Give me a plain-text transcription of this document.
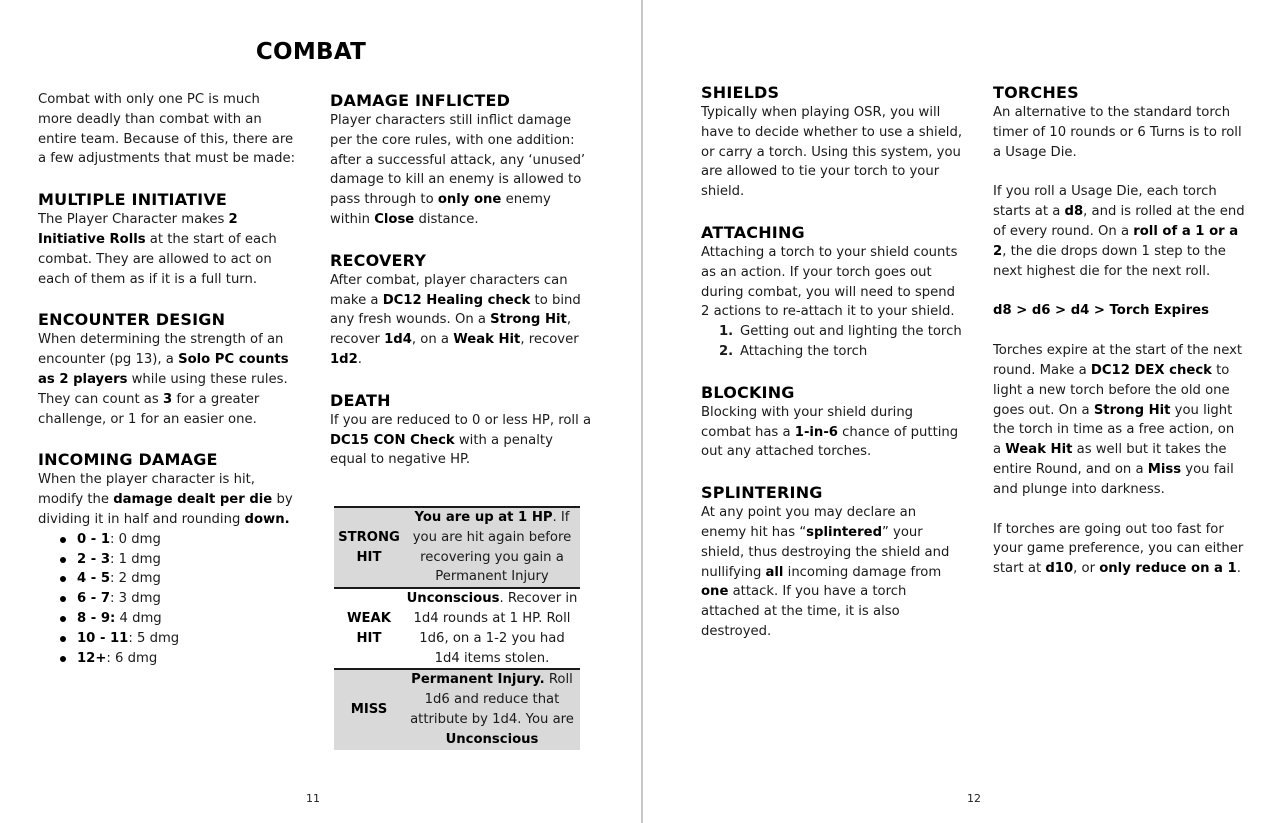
COMBAT

Combat with only one PC is much more deadly than combat with an entire team. Because of this, there are a few adjustments that must be made:

MULTIPLE INITIATIVE

The Player Character makes 2 Initiative Rolls at the start of each combat. They are allowed to act on each of them as if it is a full turn.

ENCOUNTER DESIGN

When determining the strength of an encounter (pg 13), a Solo PC counts as 2 players while using these rules. They can count as 3 for a greater challenge, or 1 for an easier one.

INCOMING DAMAGE

When the player character is hit, modify the damage dealt per die by dividing it in half and rounding down.

0 - 1: 0 dmg
2 - 3: 1 dmg
4 - 5: 2 dmg
6 - 7: 3 dmg
8 - 9: 4 dmg
10 - 11: 5 dmg
12+: 6 dmg
DAMAGE INFLICTED

Player characters still inflict damage per the core rules, with one addition: after a successful attack, any ‘unused’ damage to kill an enemy is allowed to pass through to only one enemy within Close distance.

RECOVERY

After combat, player characters can make a DC12 Healing check to bind any fresh wounds. On a Strong Hit, recover 1d4, on a Weak Hit, recover 1d2.

DEATH

If you are reduced to 0 or less HP, roll a DC15 CON Check with a penalty equal to negative HP.

STRONG HIT	You are up at 1 HP. If you are hit again before recovering you gain a Permanent Injury
WEAK HIT	Unconscious. Recover in 1d4 rounds at 1 HP. Roll 1d6, on a 1-2 you had 1d4 items stolen.
MISS	Permanent Injury. Roll 1d6 and reduce that attribute by 1d4. You are Unconscious
11
SHIELDS

Typically when playing OSR, you will have to decide whether to use a shield, or carry a torch. Using this system, you are allowed to tie your torch to your shield.

ATTACHING

Attaching a torch to your shield counts as an action. If your torch goes out during combat, you will need to spend 2 actions to re-attach it to your shield.

1. Getting out and lighting the torch
2. Attaching the torch
BLOCKING

Blocking with your shield during combat has a 1-in-6 chance of putting out any attached torches.

SPLINTERING

At any point you may declare an enemy hit has “splintered” your shield, thus destroying the shield and nullifying all incoming damage from one attack. If you have a torch attached at the time, it is also destroyed.

TORCHES

An alternative to the standard torch timer of 10 rounds or 6 Turns is to roll a Usage Die.

If you roll a Usage Die, each torch starts at a d8, and is rolled at the end of every round. On a roll of a 1 or a 2, the die drops down 1 step to the next highest die for the next roll.

d8 > d6 > d4 > Torch Expires

Torches expire at the start of the next round. Make a DC12 DEX check to light a new torch before the old one goes out. On a Strong Hit you light the torch in time as a free action, on a Weak Hit as well but it takes the entire Round, and on a Miss you fail and plunge into darkness.

If torches are going out too fast for your game preference, you can either start at d10, or only reduce on a 1.

12
